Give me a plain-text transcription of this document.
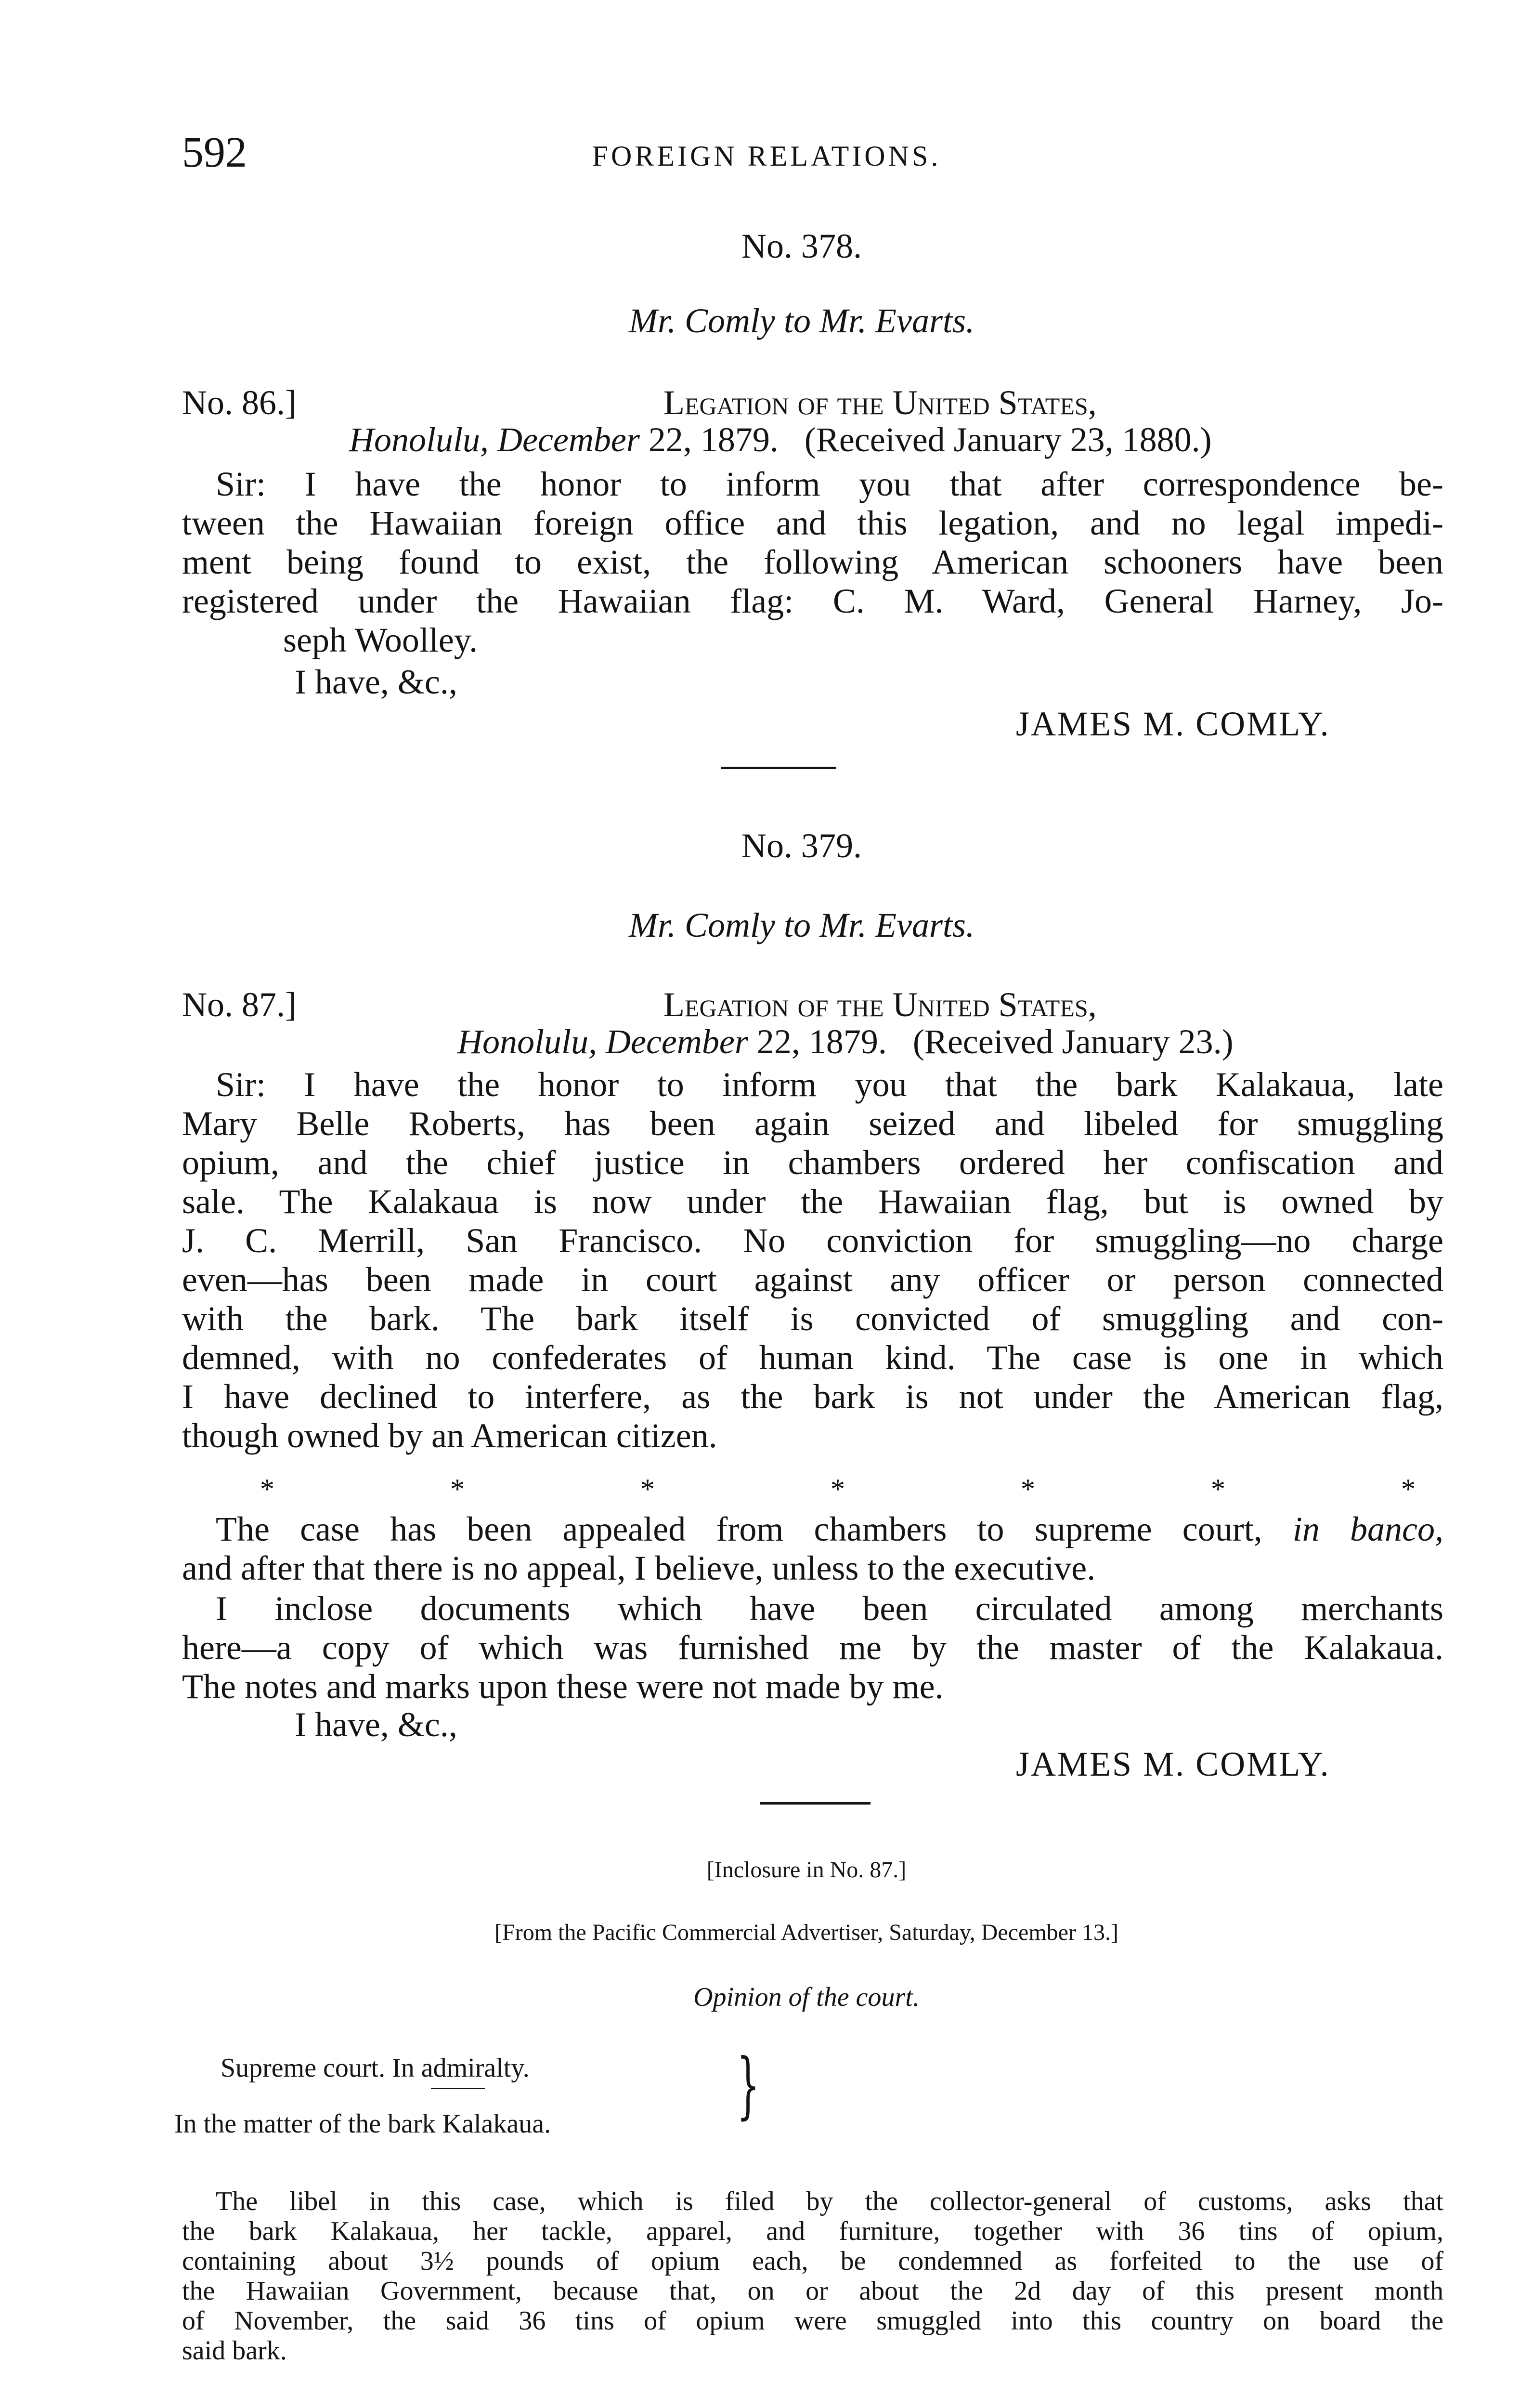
592	FOREIGN RELATIONS.
No. 378.
Mr. Comly to Mr. Evarts.
No. 86.]	Legation of the United States,
Honolulu, December 22, 1879. (Received January 23, 1880.)
Sir: I have the honor to inform you that after correspondence be-
tween the Hawaiian foreign office and this legation, and no legal impedi-
ment being found to exist, the following American schooners have been
registered under the Hawaiian flag: C. M. Ward, General Harney, Jo-
seph Woolley.
I have, &c.,
JAMES M. COMLY.
No. 379.
Mr. Comly to Mr. Evarts.
No. 87.]	Legation of the United States,
Honolulu, December 22, 1879. (Received January 23.)
Sir: I have the honor to inform you that the bark Kalakaua, late
Mary Belle Roberts, has been again seized and libeled for smuggling
opium, and the chief justice in chambers ordered her confiscation and
sale. The Kalakaua is now under the Hawaiian flag, but is owned by
J. C. Merrill, San Francisco. No conviction for smuggling—no charge
even—has been made in court against any officer or person connected
with the bark. The bark itself is convicted of smuggling and con-
demned, with no confederates of human kind. The case is one in which
I have declined to interfere, as the bark is not under the American flag,
though owned by an American citizen.
*	*	*	*	*	*	*
The case has been appealed from chambers to supreme court, in banco,
and after that there is no appeal, I believe, unless to the executive.
I inclose documents which have been circulated among merchants
here—a copy of which was furnished me by the master of the Kalakaua.
The notes and marks upon these were not made by me.
I have, &c.,
JAMES M. COMLY.
[Inclosure in No. 87.]
[From the Pacific Commercial Advertiser, Saturday, December 13.]
Opinion of the court.
Supreme court. In admiralty.
In the matter of the bark Kalakaua.	}
The libel in this case, which is filed by the collector-general of customs, asks that
the bark Kalakaua, her tackle, apparel, and furniture, together with 36 tins of opium,
containing about 3½ pounds of opium each, be condemned as forfeited to the use of
the Hawaiian Government, because that, on or about the 2d day of this present month
of November, the said 36 tins of opium were smuggled into this country on board the
said bark.
